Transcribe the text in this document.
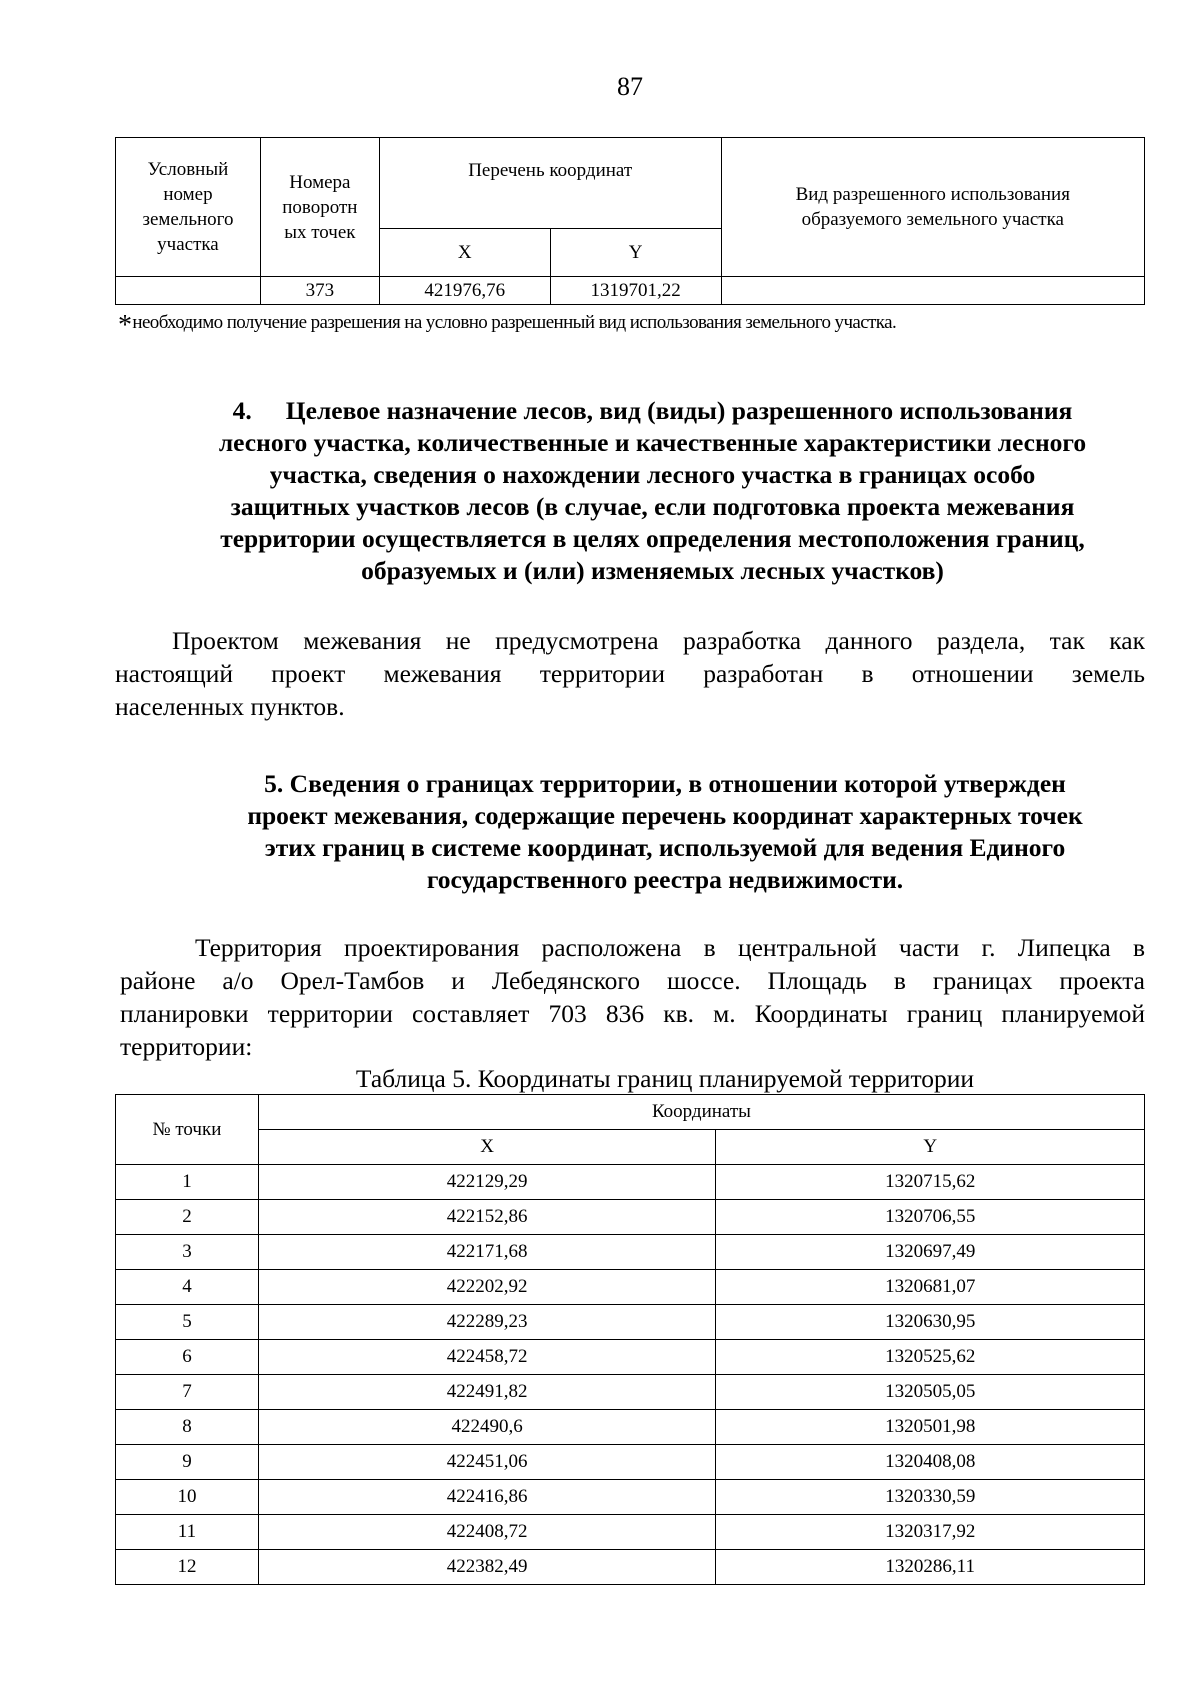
87
Условный
номер
земельного
участка	Номера
поворотн
ых точек	Перечень координат		Вид разрешенного использования
образуемого земельного участка

		X	Y	
	373	421976,76	1319701,22	
*необходимо получение разрешения на условно разрешенный вид использования земельного участка.
4. Целевое назначение лесов, вид (виды) разрешенного использования
лесного участка, количественные и качественные характеристики лесного
участка, сведения о нахождении лесного участка в границах особо
защитных участков лесов (в случае, если подготовка проекта межевания
территории осуществляется в целях определения местоположения границ,
образуемых и (или) изменяемых лесных участков)
Проектом межевания не предусмотрена разработка данного раздела, так как
настоящий проект межевания территории разработан в отношении земель
населенных пунктов.
5. Сведения о границах территории, в отношении которой утвержден
проект межевания, содержащие перечень координат характерных точек
этих границ в системе координат, используемой для ведения Единого
государственного реестра недвижимости.
Территория проектирования расположена в центральной части г. Липецка в
районе а/о Орел-Тамбов и Лебедянского шоссе. Площадь в границах проекта
планировки территории составляет 703 836 кв. м. Координаты границ планируемой
территории:
Таблица 5. Координаты границ планируемой территории
№ точки	Координаты	
	X	Y
1	422129,29	1320715,62
2	422152,86	1320706,55
3	422171,68	1320697,49
4	422202,92	1320681,07
5	422289,23	1320630,95
6	422458,72	1320525,62
7	422491,82	1320505,05
8	422490,6	1320501,98
9	422451,06	1320408,08
10	422416,86	1320330,59
11	422408,72	1320317,92
12	422382,49	1320286,11
